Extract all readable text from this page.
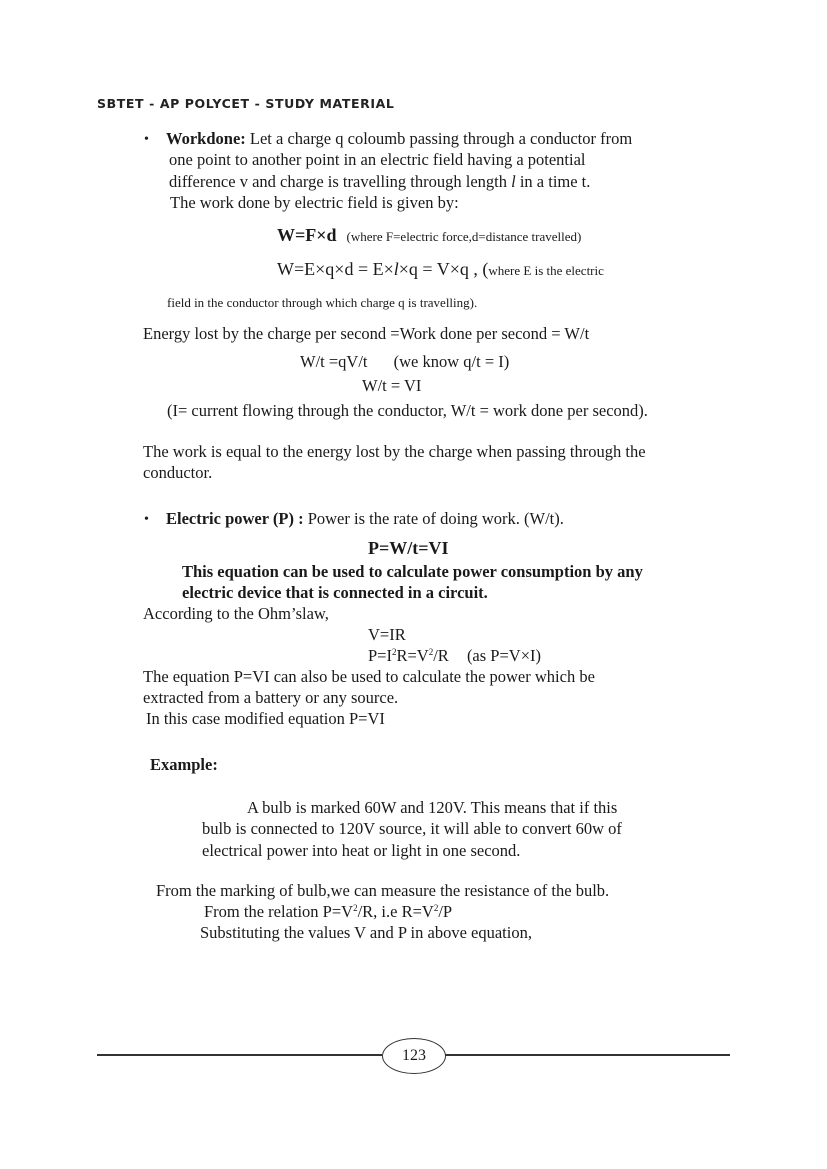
SBTET - AP POLYCET - STUDY MATERIAL
• Workdone: Let a charge q coloumb passing through a conductor from
one point to another point in an electric field having a potential
difference v and charge is travelling through length l in a time t.
The work done by electric field is given by:
W=F×d (where F=electric force,d=distance travelled)
W=E×q×d = E×l×q = V×q , (where E is the electric
field in the conductor through which charge q is travelling).
Energy lost by the charge per second =Work done per second = W/t
W/t =qV/t (we know q/t = I)
W/t = VI
(I= current flowing through the conductor, W/t = work done per second).
The work is equal to the energy lost by the charge when passing through the
conductor.
• Electric power (P) : Power is the rate of doing work. (W/t).
P=W/t=VI
This equation can be used to calculate power consumption by any
electric device that is connected in a circuit.
According to the Ohm’slaw,
V=IR
$P=I^2R=V^2/R$ (as P=V×I)
The equation P=VI can also be used to calculate the power which be
extracted from a battery or any source.
In this case modified equation P=VI
Example:
A bulb is marked 60W and 120V. This means that if this
bulb is connected to 120V source, it will able to convert 60w of
electrical power into heat or light in one second.
From the marking of bulb,we can measure the resistance of the bulb.
From the relation $P=V^2/R$, i.e $R=V^2/P$
Substituting the values V and P in above equation,
123
